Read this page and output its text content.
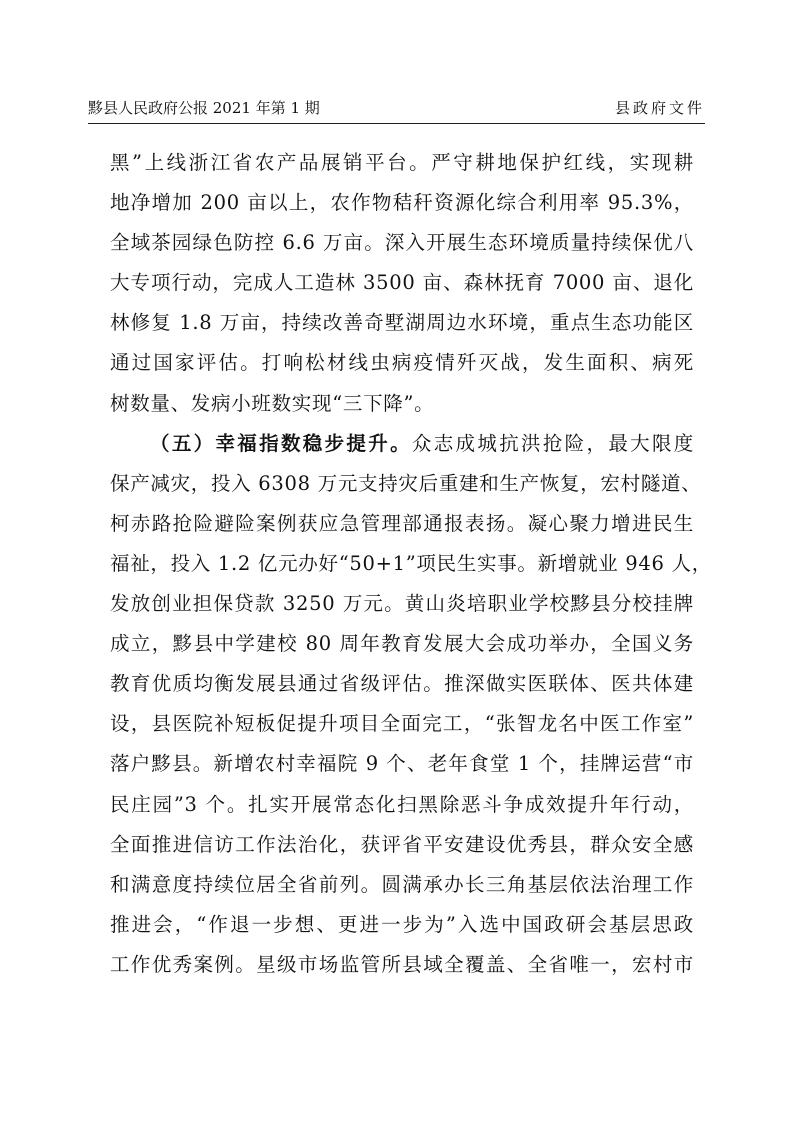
黟县人民政府公报 2021 年第 1 期	县政府文件
黑”上线浙江省农产品展销平台。严守耕地保护红线，实现耕
地净增加 200 亩以上，农作物秸秆资源化综合利用率 95.3%，
全域茶园绿色防控 6.6 万亩。深入开展生态环境质量持续保优八
大专项行动，完成人工造林 3500 亩、森林抚育 7000 亩、退化
林修复 1.8 万亩，持续改善奇墅湖周边水环境，重点生态功能区
通过国家评估。打响松材线虫病疫情歼灭战，发生面积、病死
树数量、发病小班数实现“三下降”。
（五）幸福指数稳步提升。众志成城抗洪抢险，最大限度
保产减灾，投入 6308 万元支持灾后重建和生产恢复，宏村隧道、
柯赤路抢险避险案例获应急管理部通报表扬。凝心聚力增进民生
福祉，投入 1.2 亿元办好“50+1”项民生实事。新增就业 946 人，
发放创业担保贷款 3250 万元。黄山炎培职业学校黟县分校挂牌
成立，黟县中学建校 80 周年教育发展大会成功举办，全国义务
教育优质均衡发展县通过省级评估。推深做实医联体、医共体建
设，县医院补短板促提升项目全面完工，“张智龙名中医工作室”
落户黟县。新增农村幸福院 9 个、老年食堂 1 个，挂牌运营“市
民庄园”3 个。扎实开展常态化扫黑除恶斗争成效提升年行动，
全面推进信访工作法治化，获评省平安建设优秀县，群众安全感
和满意度持续位居全省前列。圆满承办长三角基层依法治理工作
推进会，“作退一步想、更进一步为”入选中国政研会基层思政
工作优秀案例。星级市场监管所县域全覆盖、全省唯一，宏村市
